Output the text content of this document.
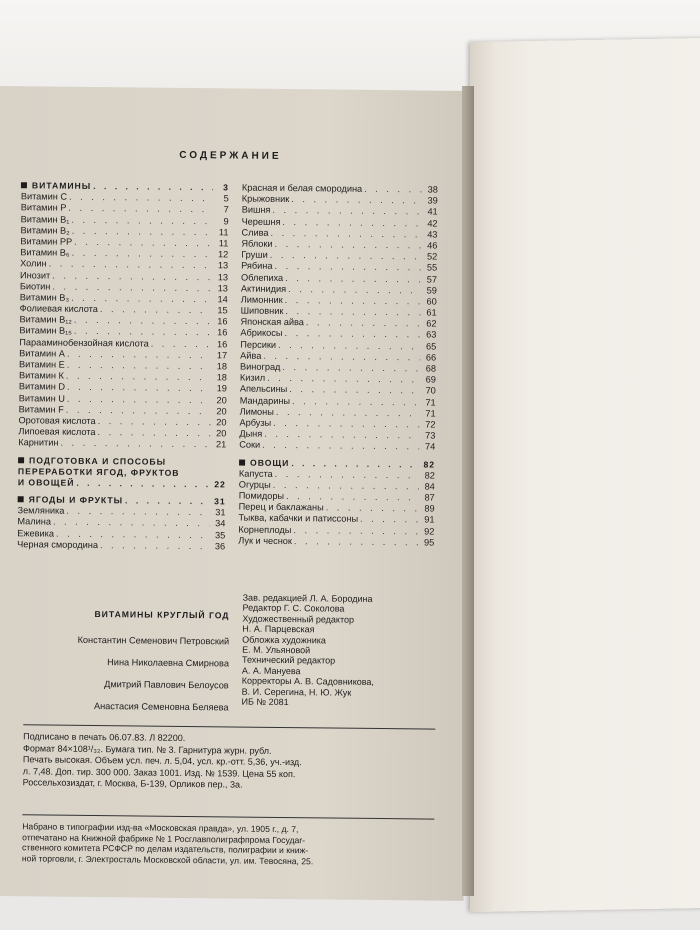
СОДЕРЖАНИЕ
ВИТАМИНЫ . . .	3
Витамин С . . .	5
Витамин Р . . .	7
Витамин B₁ . . .	9
Витамин B₂ . . .	11
Витамин РР . . .	11
Витамин B₆ . . .	12
Холин . . .	13
Инозит . . .	13
Биотин . . .	13
Витамин B₃ . . .	14
Фолиевая кислота . . .	15
Витамин B₁₂ . . .	16
Витамин B₁₅ . . .	16
Парааминобензойная кислота . . .	16
Витамин А . . .	17
Витамин Е . . .	18
Витамин К . . .	18
Витамин D . . .	19
Витамин U . . .	20
Витамин F . . .	20
Оротовая кислота . . .	20
Липоевая кислота . . .	20
Карнитин . . .	21
ПОДГОТОВКА И СПОСОБЫ
ПЕРЕРАБОТКИ ЯГОД, ФРУКТОВ
И ОВОЩЕЙ . . .	22
ЯГОДЫ И ФРУКТЫ . . .	31
Земляника . . .	31
Малина . . .	34
Ежевика . . .	35
Черная смородина . . .	36
Красная и белая смородина . . .	38
Крыжовник . . .	39
Вишня . . .	41
Черешня . . .	42
Слива . . .	43
Яблоки . . .	46
Груши . . .	52
Рябина . . .	55
Облепиха . . .	57
Актинидия . . .	59
Лимонник . . .	60
Шиповник . . .	61
Японская айва . . .	62
Абрикосы . . .	63
Персики . . .	65
Айва . . .	66
Виноград . . .	68
Кизил . . .	69
Апельсины . . .	70
Мандарины . . .	71
Лимоны . . .	71
Арбузы . . .	72
Дыня . . .	73
Соки . . .	74
ОВОЩИ . . .	82
Капуста . . .	82
Огурцы . . .	84
Помидоры . . .	87
Перец и баклажаны . . .	89
Тыква, кабачки и патиссоны . . .	91
Корнеплоды . . .	92
Лук и чеснок . . .	95
ВИТАМИНЫ КРУГЛЫЙ ГОД
Константин Семенович Петровский
Нина Николаевна Смирнова
Дмитрий Павлович Белоусов
Анастасия Семеновна Беляева
Зав. редакцией Л. А. Бородина
Редактор Г. С. Соколова
Художественный редактор
Н. А. Парцевская
Обложка художника
Е. М. Ульяновой
Технический редактор
А. А. Мануева
Корректоры А. В. Садовникова,
В. И. Серегина, Н. Ю. Жук
ИБ № 2081
Подписано в печать 06.07.83. Л 82200.
Формат 84×108¹/₃₂. Бумага тип. № 3. Гарнитура журн. рубл.
Печать высокая. Объем усл. печ. л. 5,04, усл. кр.-отт. 5,36, уч.-изд.
л. 7,48. Доп. тир. 300 000. Заказ 1001. Изд. № 1539. Цена 55 коп.
Россельхозиздат, г. Москва, Б-139, Орликов пер., 3а.
Набрано в типографии изд-ва «Московская правда», ул. 1905 г., д. 7,
отпечатано на Книжной фабрике № 1 Росглавполиграфпрома Госудаr-
ственного комитета РСФСР по делам издательств, полиграфии и книж-
ной торговли, г. Электросталь Московской области, ул. им. Тевосяна, 25.
